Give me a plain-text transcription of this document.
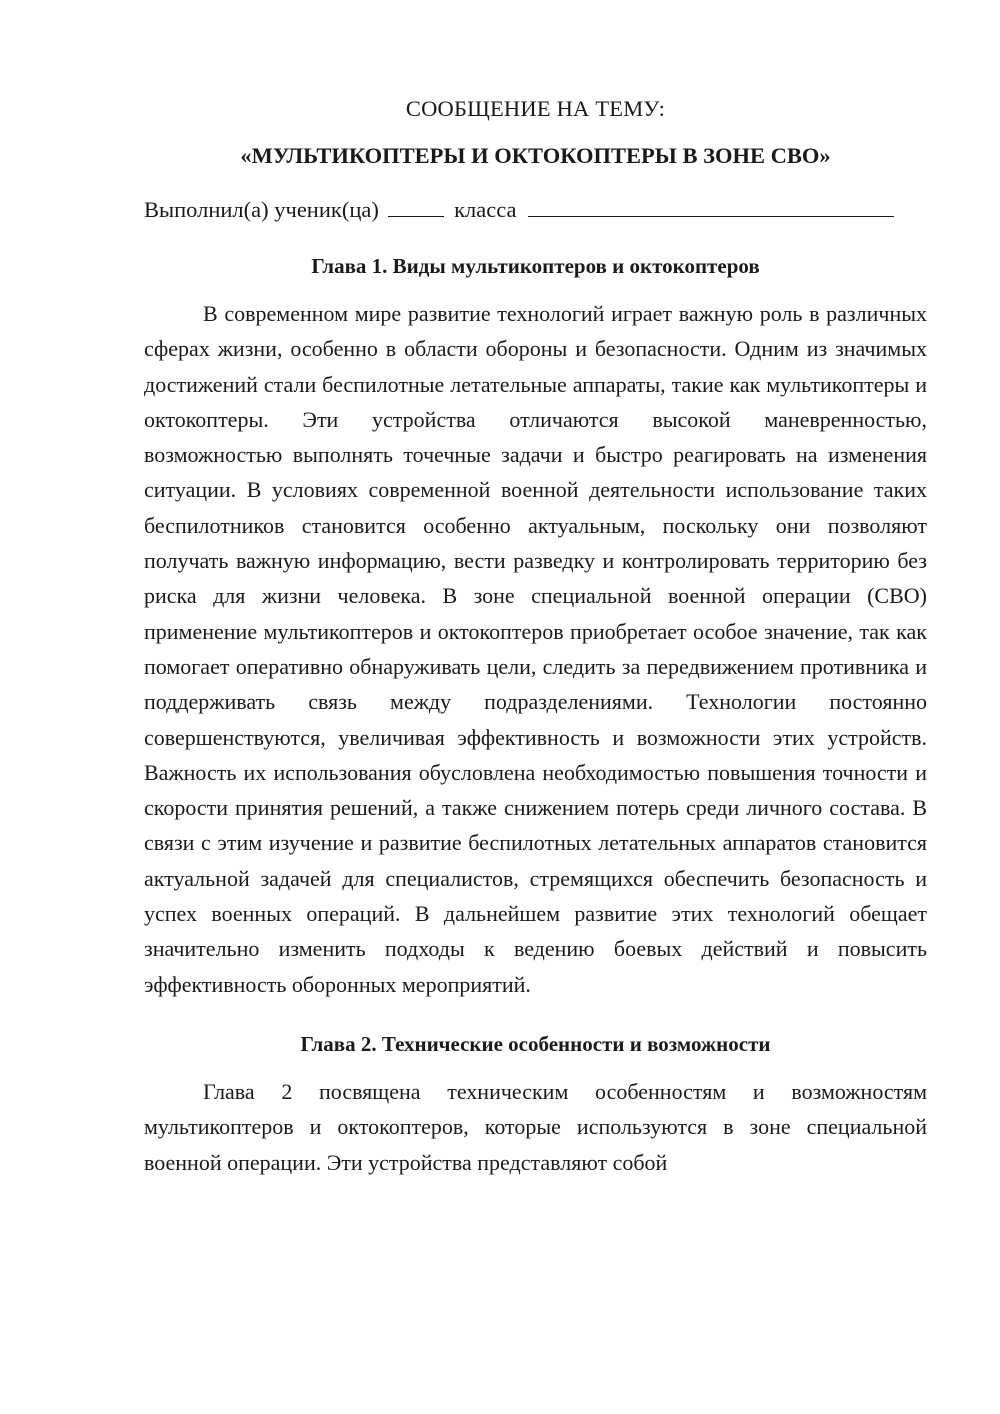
СООБЩЕНИЕ НА ТЕМУ:

«МУЛЬТИКОПТЕРЫ И ОКТОКОПТЕРЫ В ЗОНЕ СВО»

Выполнил(а) ученик(ца)	класса

Глава 1. Виды мультикоптеров и октокоптеров

В современном мире развитие технологий играет важную роль в различных сферах жизни, особенно в области обороны и безопасности. Одним из значимых достижений стали беспилотные летательные аппараты, такие как мультикоптеры и октокоптеры. Эти устройства отличаются высокой маневренностью, возможностью выполнять точечные задачи и быстро реагировать на изменения ситуации. В условиях современной военной деятельности использование таких беспилотников становится особенно актуальным, поскольку они позволяют получать важную информацию, вести разведку и контролировать территорию без риска для жизни человека. В зоне специальной военной операции (СВО) применение мультикоптеров и октокоптеров приобретает особое значение, так как помогает оперативно обнаруживать цели, следить за передвижением противника и поддерживать связь между подразделениями. Технологии постоянно совершенствуются, увеличивая эффективность и возможности этих устройств. Важность их использования обусловлена необходимостью повышения точности и скорости принятия решений, а также снижением потерь среди личного состава. В связи с этим изучение и развитие беспилотных летательных аппаратов становится актуальной задачей для специалистов, стремящихся обеспечить безопасность и успех военных операций. В дальнейшем развитие этих технологий обещает значительно изменить подходы к ведению боевых действий и повысить эффективность оборонных мероприятий.

Глава 2. Технические особенности и возможности

Глава 2 посвящена техническим особенностям и возможностям мультикоптеров и октокоптеров, которые используются в зоне специальной военной операции. Эти устройства представляют собой
